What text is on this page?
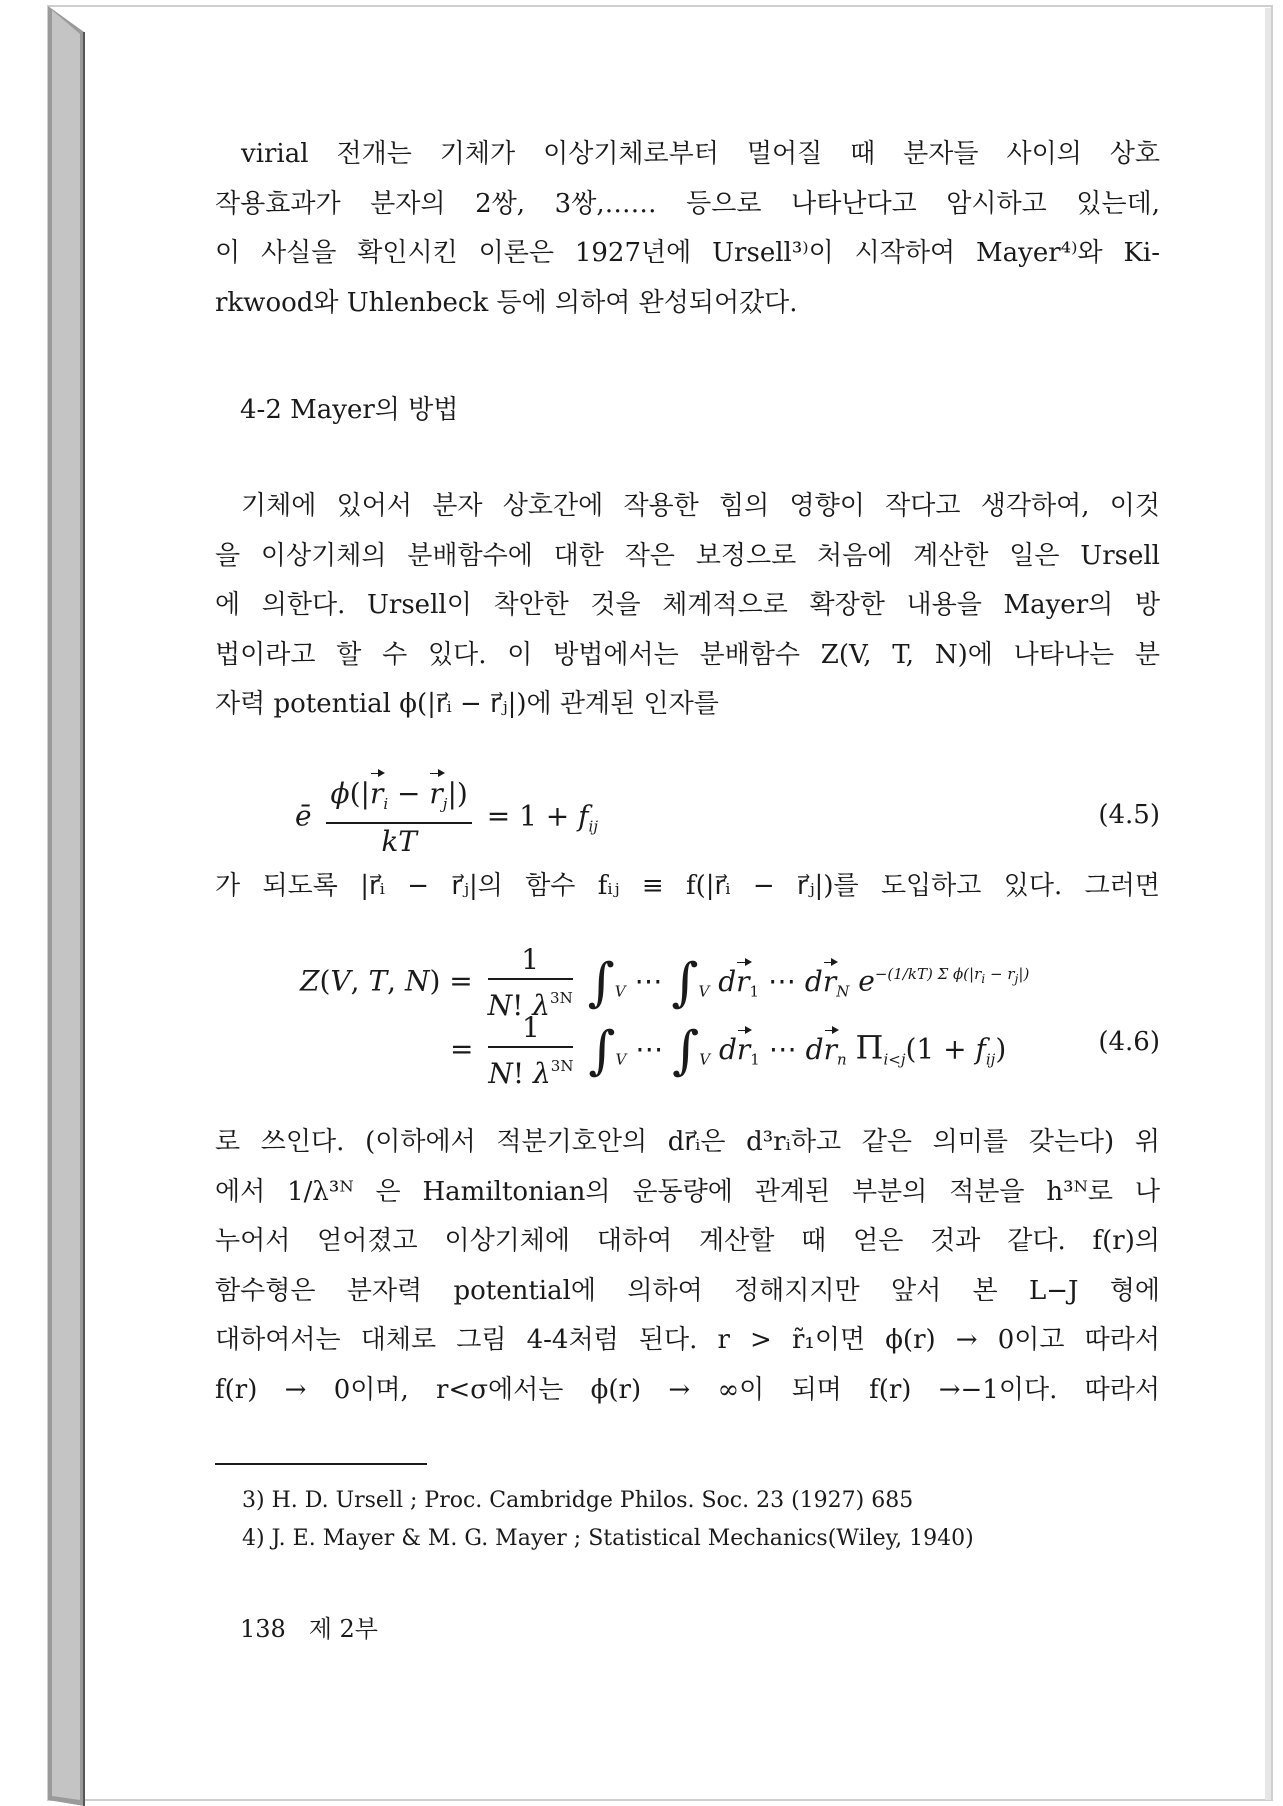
virial 전개는 기체가 이상기체로부터 멀어질 때 분자들 사이의 상호
작용효과가 분자의 2쌍, 3쌍,…… 등으로 나타난다고 암시하고 있는데,
이 사실을 확인시킨 이론은 1927년에 Ursell³⁾이 시작하여 Mayer⁴⁾와 Ki-
rkwood와 Uhlenbeck 등에 의하여 완성되어갔다.
4-2 Mayer의 방법
기체에 있어서 분자 상호간에 작용한 힘의 영향이 작다고 생각하여, 이것
을 이상기체의 분배함수에 대한 작은 보정으로 처음에 계산한 일은 Ursell
에 의한다. Ursell이 착안한 것을 체계적으로 확장한 내용을 Mayer의 방
법이라고 할 수 있다. 이 방법에서는 분배함수 Z(V, T, N)에 나타나는 분
자력 potential ϕ(|r⃗ᵢ − r⃗ⱼ|)에 관계된 인자를
ē $\frac{\phi(|r_i - r_j|)}{kT} = 1 + f_{ij}$	(4.5)
가 되도록 |r⃗ᵢ − r⃗ⱼ|의 함수 fᵢⱼ ≡ f(|r⃗ᵢ − r⃗ⱼ|)를 도입하고 있다. 그러면
Z(V, T, $N) = \frac{1}{N! \lambda^{3N}} \int_V$ ⋯ $\int_V$ $dr_1$ ⋯ $dr_N$ $e^{-(1/kT) \Sigma \phi(|r_i - r_j|)}$
= $\frac{1}{N! \lambda^{3N}} \int_V$ ⋯ $\int_V$ $dr_1$ ⋯ $dr_n$ $\Pi_{i<j}(1 + f_{ij})$	(4.6)
로 쓰인다. (이하에서 적분기호안의 dr⃗ᵢ은 d³rᵢ하고 같은 의미를 갖는다) 위
에서 1/λ³ᴺ 은 Hamiltonian의 운동량에 관계된 부분의 적분을 h³ᴺ로 나
누어서 얻어졌고 이상기체에 대하여 계산할 때 얻은 것과 같다. f(r)의
함수형은 분자력 potential에 의하여 정해지지만 앞서 본 L−J 형에
대하여서는 대체로 그림 4-4처럼 된다. r > r̃₁이면 ϕ(r) → 0이고 따라서
f(r) → 0이며, r<σ에서는 ϕ(r) → ∞이 되며 f(r) →−1이다. 따라서
3) H. D. Ursell ; Proc. Cambridge Philos. Soc. 23 (1927) 685
4) J. E. Mayer & M. G. Mayer ; Statistical Mechanics(Wiley, 1940)
138 제 2부
